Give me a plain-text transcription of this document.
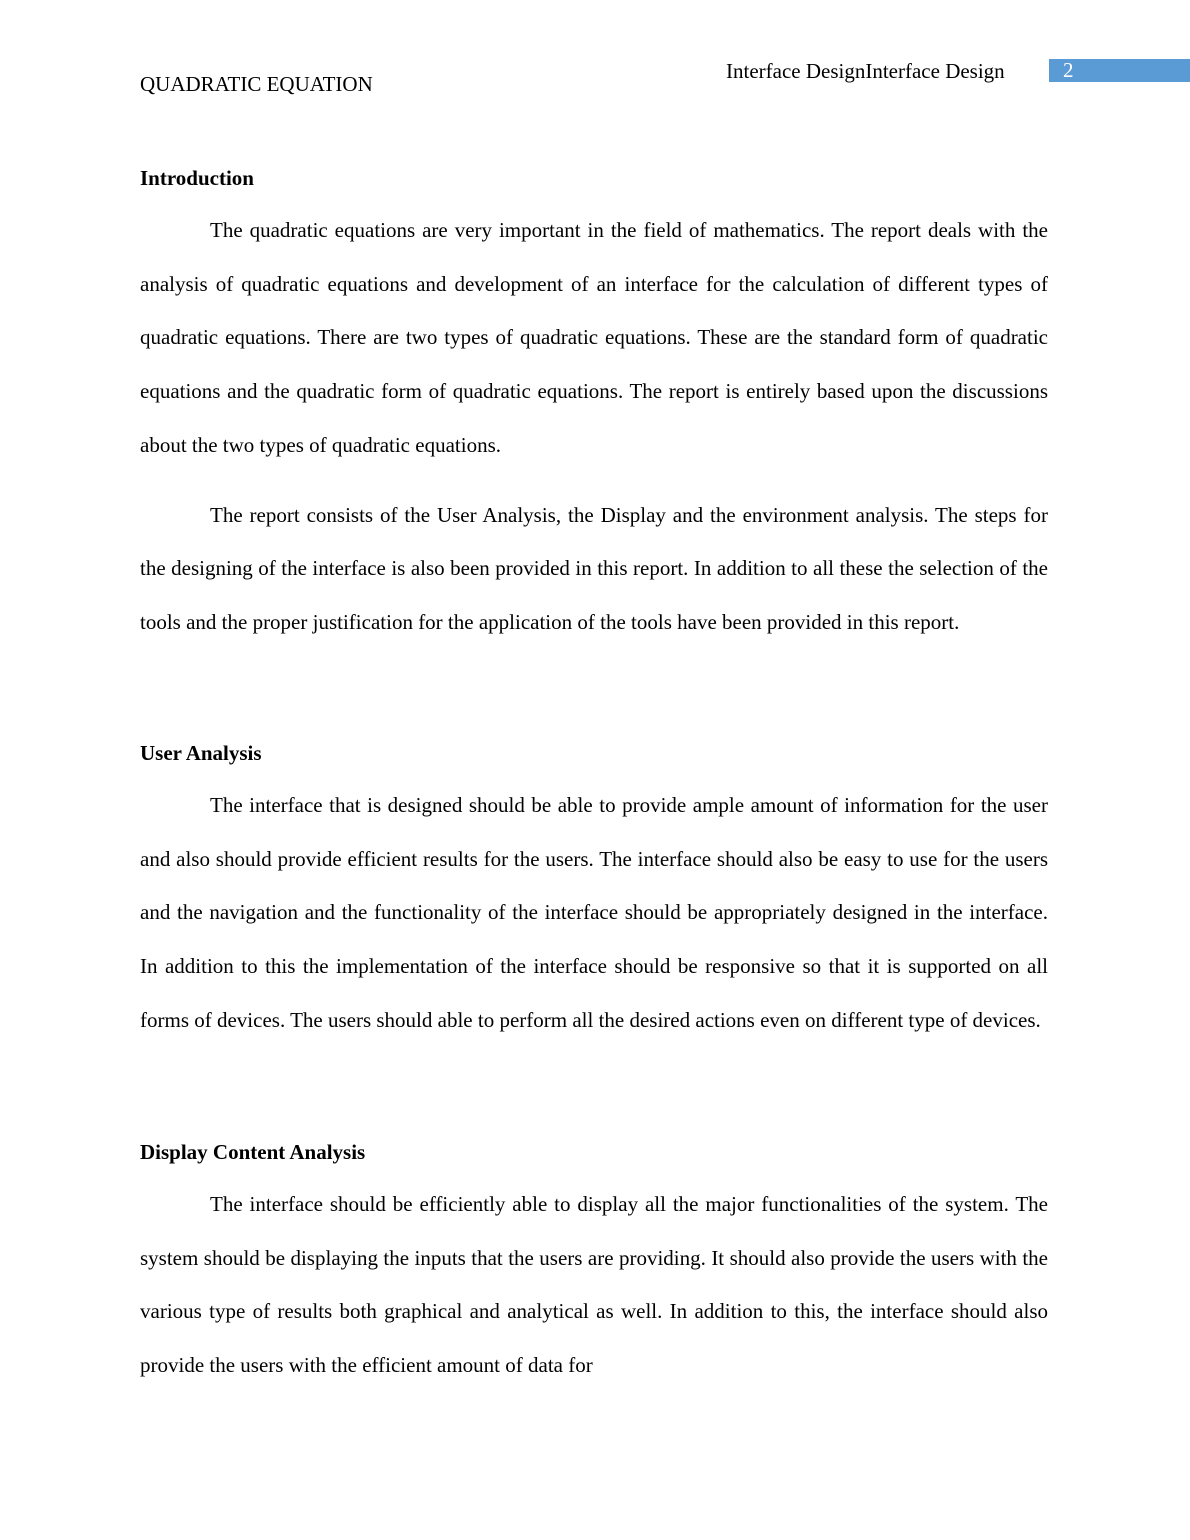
Interface DesignInterface Design	2
QUADRATIC EQUATION
Introduction

The quadratic equations are very important in the field of mathematics. The report deals with the analysis of quadratic equations and development of an interface for the calculation of different types of quadratic equations. There are two types of quadratic equations. These are the standard form of quadratic equations and the quadratic form of quadratic equations. The report is entirely based upon the discussions about the two types of quadratic equations.

The report consists of the User Analysis, the Display and the environment analysis. The steps for the designing of the interface is also been provided in this report. In addition to all these the selection of the tools and the proper justification for the application of the tools have been provided in this report.

User Analysis

The interface that is designed should be able to provide ample amount of information for the user and also should provide efficient results for the users. The interface should also be easy to use for the users and the navigation and the functionality of the interface should be appropriately designed in the interface. In addition to this the implementation of the interface should be responsive so that it is supported on all forms of devices. The users should able to perform all the desired actions even on different type of devices.

Display Content Analysis

The interface should be efficiently able to display all the major functionalities of the system. The system should be displaying the inputs that the users are providing. It should also provide the users with the various type of results both graphical and analytical as well. In addition to this, the interface should also provide the users with the efficient amount of data for
